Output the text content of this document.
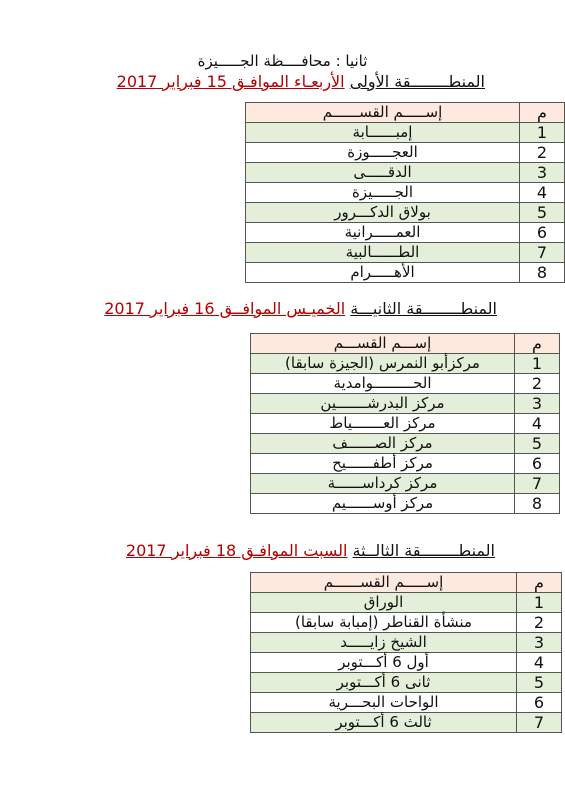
ثانيا : محافــــظة الجـــــيزة
المنطــــــــقة الأولى الأربعـاء الموافـق 15 فبراير 2017
م	إســـــم القســــــم
1	إمبــــــابة
2	العجـــــوزة
3	الدقـــــى
4	الجـــــيزة
5	بولاق الدكـــرور
6	العمـــــرانية
7	الطــــــالبية
8	الأهـــــرام
المنطــــــــقة الثانيـــة الخميـس الموافــق 16 فبراير 2017
م	إســـم القســـم
1	مركزأبو النمرس (الجيزة سابقا)
2	الحـــــــــوامدية
3	مركز البدرشـــــــين
4	مركز العـــــــياط
5	مركز الصــــــف
6	مركز أطفــــــيح
7	مركز كرداســــــة
8	مركز أوســــــيم
المنطــــــــقة الثالــثة السبت الموافـق 18 فبراير 2017
م	إســـــم القســــــم
1	الوراق
2	منشأة القناطر (إمبابة سابقا)
3	الشيخ زايـــــد
4	أول 6 أكـــتوبر
5	ثانى 6 أكـــتوبر
6	الواحات البحـــرية
7	ثالث 6 أكـــتوبر
